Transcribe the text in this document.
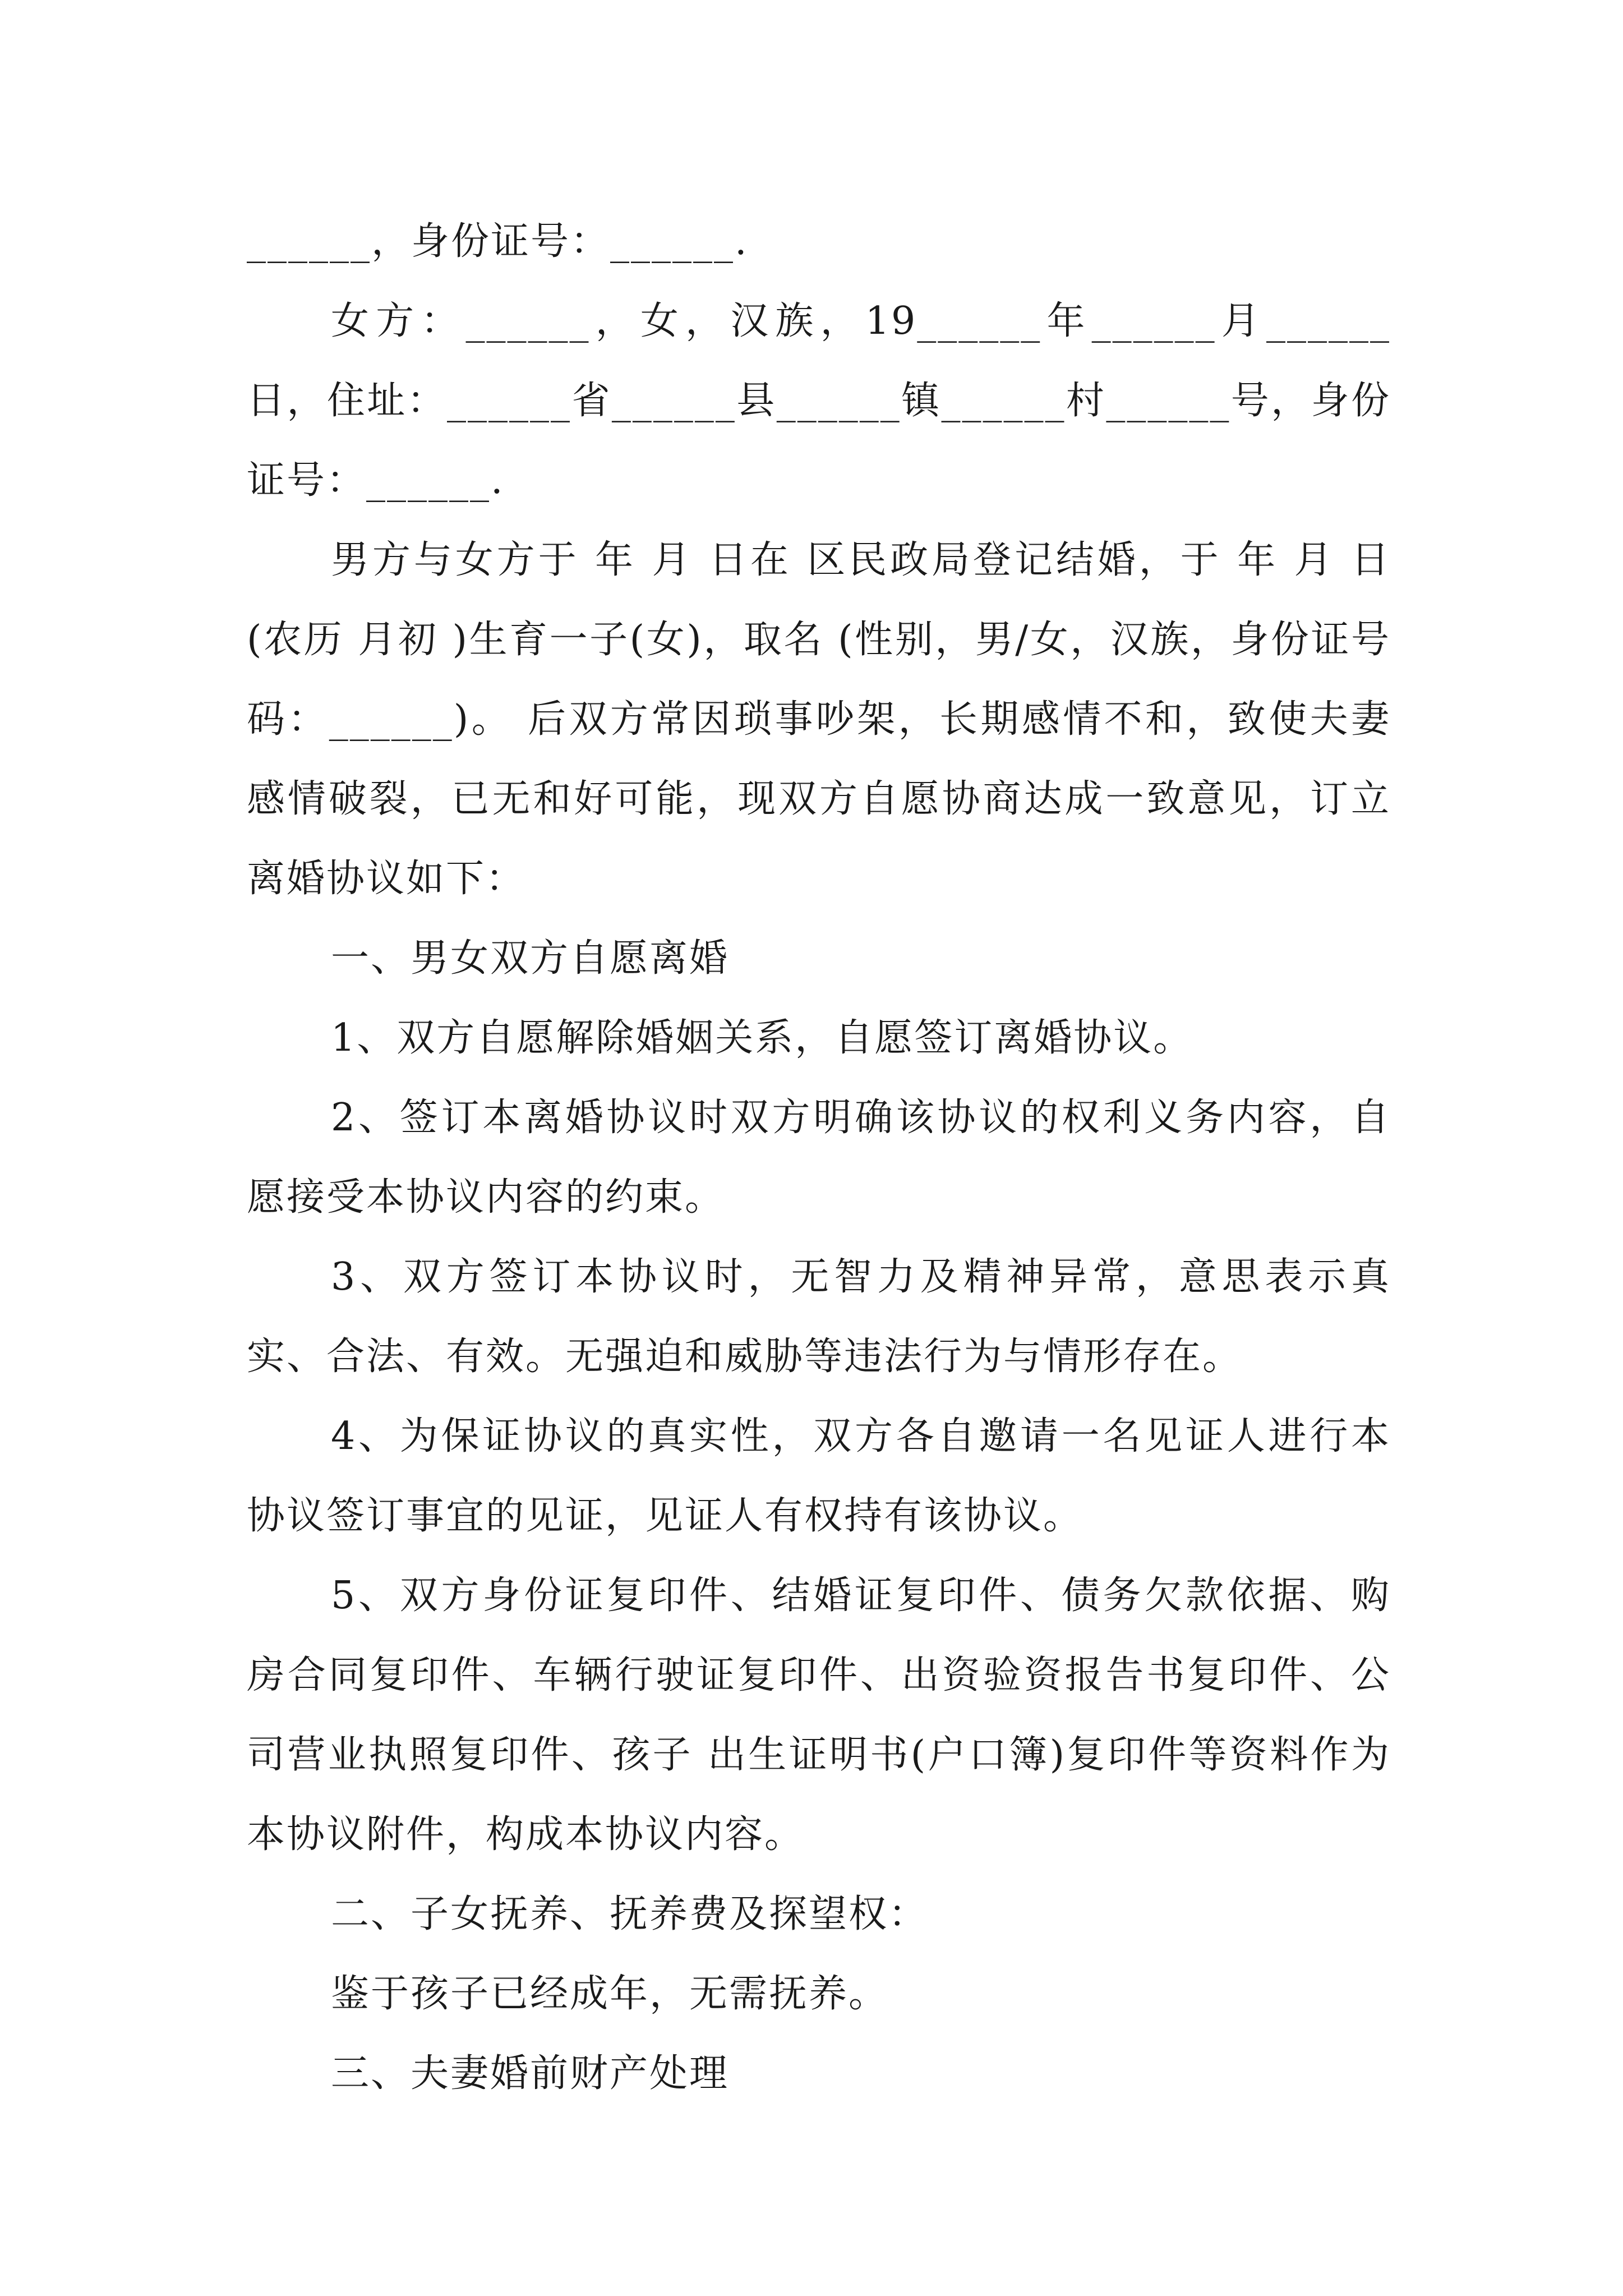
______，身份证号：______.

女方：______，女，汉族，19______年______月______日，住址：______省______县______镇______村______号，身份证号：______.

男方与女方于 年 月 日在 区民政局登记结婚，于 年 月 日(农历 月初 )生育一子(女)，取名 (性别，男/女，汉族，身份证号码：______)。 后双方常因琐事吵架，长期感情不和，致使夫妻感情破裂，已无和好可能，现双方自愿协商达成一致意见，订立离婚协议如下：

一、男女双方自愿离婚

1、双方自愿解除婚姻关系，自愿签订离婚协议。

2、签订本离婚协议时双方明确该协议的权利义务内容，自愿接受本协议内容的约束。

3、双方签订本协议时，无智力及精神异常，意思表示真实、合法、有效。无强迫和威胁等违法行为与情形存在。

4、为保证协议的真实性，双方各自邀请一名见证人进行本协议签订事宜的见证，见证人有权持有该协议。

5、双方身份证复印件、结婚证复印件、债务欠款依据、购房合同复印件、车辆行驶证复印件、出资验资报告书复印件、公司营业执照复印件、孩子 出生证明书(户口簿)复印件等资料作为本协议附件，构成本协议内容。

二、子女抚养、抚养费及探望权：

鉴于孩子已经成年，无需抚养。

三、夫妻婚前财产处理
